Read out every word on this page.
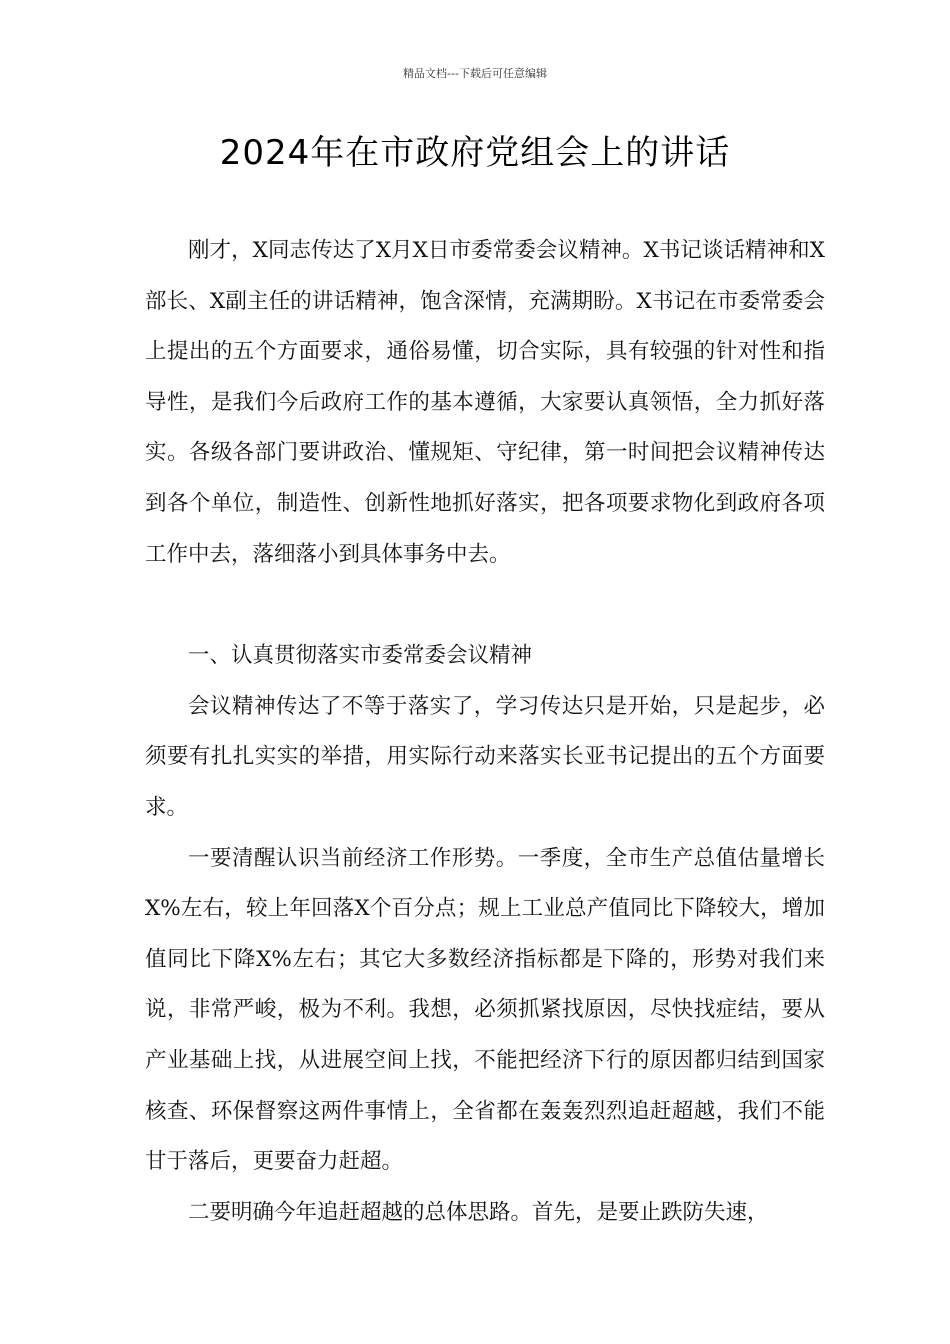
精品文档---下载后可任意编辑
2024年在市政府党组会上的讲话

刚才，X同志传达了X月X日市委常委会议精神。X书记谈话精神和X部长、X副主任的讲话精神，饱含深情，充满期盼。X书记在市委常委会上提出的五个方面要求，通俗易懂，切合实际，具有较强的针对性和指导性，是我们今后政府工作的基本遵循，大家要认真领悟，全力抓好落实。各级各部门要讲政治、懂规矩、守纪律，第一时间把会议精神传达到各个单位，制造性、创新性地抓好落实，把各项要求物化到政府各项工作中去，落细落小到具体事务中去。

一、认真贯彻落实市委常委会议精神

会议精神传达了不等于落实了，学习传达只是开始，只是起步，必须要有扎扎实实的举措，用实际行动来落实长亚书记提出的五个方面要求。

一要清醒认识当前经济工作形势。一季度，全市生产总值估量增长X%左右，较上年回落X个百分点；规上工业总产值同比下降较大，增加值同比下降X%左右；其它大多数经济指标都是下降的，形势对我们来说，非常严峻，极为不利。我想，必须抓紧找原因，尽快找症结，要从产业基础上找，从进展空间上找，不能把经济下行的原因都归结到国家核查、环保督察这两件事情上，全省都在轰轰烈烈追赶超越，我们不能甘于落后，更要奋力赶超。

二要明确今年追赶超越的总体思路。首先，是要止跌防失速，
